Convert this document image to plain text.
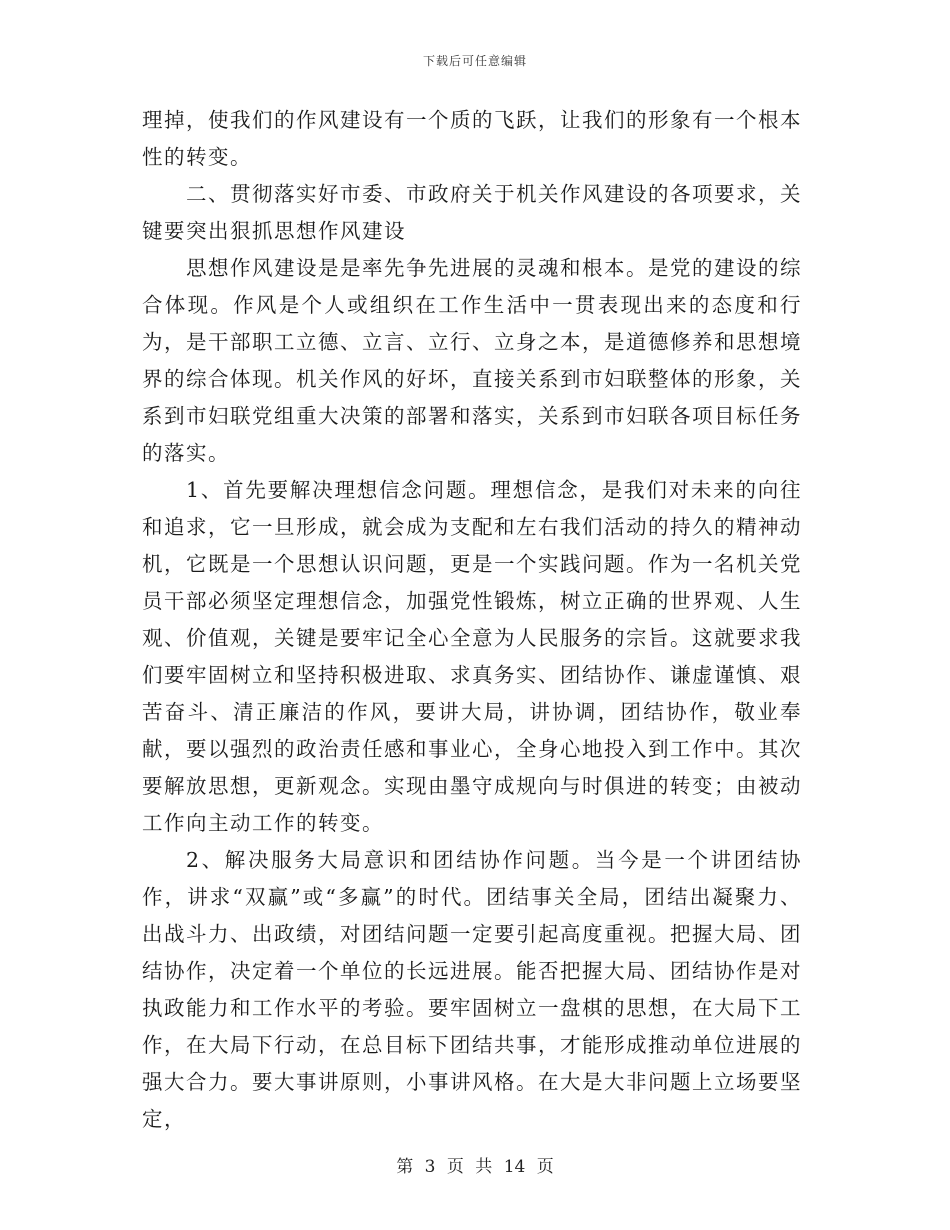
下载后可任意编辑

理掉，使我们的作风建设有一个质的飞跃，让我们的形象有一个根本性的转变。

二、贯彻落实好市委、市政府关于机关作风建设的各项要求，关键要突出狠抓思想作风建设

思想作风建设是是率先争先进展的灵魂和根本。是党的建设的综合体现。作风是个人或组织在工作生活中一贯表现出来的态度和行为，是干部职工立德、立言、立行、立身之本，是道德修养和思想境界的综合体现。机关作风的好坏，直接关系到市妇联整体的形象，关系到市妇联党组重大决策的部署和落实，关系到市妇联各项目标任务的落实。

1、首先要解决理想信念问题。理想信念，是我们对未来的向往和追求，它一旦形成，就会成为支配和左右我们活动的持久的精神动机，它既是一个思想认识问题，更是一个实践问题。作为一名机关党员干部必须坚定理想信念，加强党性锻炼，树立正确的世界观、人生观、价值观，关键是要牢记全心全意为人民服务的宗旨。这就要求我们要牢固树立和坚持积极进取、求真务实、团结协作、谦虚谨慎、艰苦奋斗、清正廉洁的作风，要讲大局，讲协调，团结协作，敬业奉献，要以强烈的政治责任感和事业心，全身心地投入到工作中。其次要解放思想，更新观念。实现由墨守成规向与时俱进的转变；由被动工作向主动工作的转变。

2、解决服务大局意识和团结协作问题。当今是一个讲团结协作，讲求“双赢”或“多赢”的时代。团结事关全局，团结出凝聚力、出战斗力、出政绩，对团结问题一定要引起高度重视。把握大局、团结协作，决定着一个单位的长远进展。能否把握大局、团结协作是对执政能力和工作水平的考验。要牢固树立一盘棋的思想，在大局下工作，在大局下行动，在总目标下团结共事，才能形成推动单位进展的强大合力。要大事讲原则，小事讲风格。在大是大非问题上立场要坚定，

第 3 页 共 14 页
